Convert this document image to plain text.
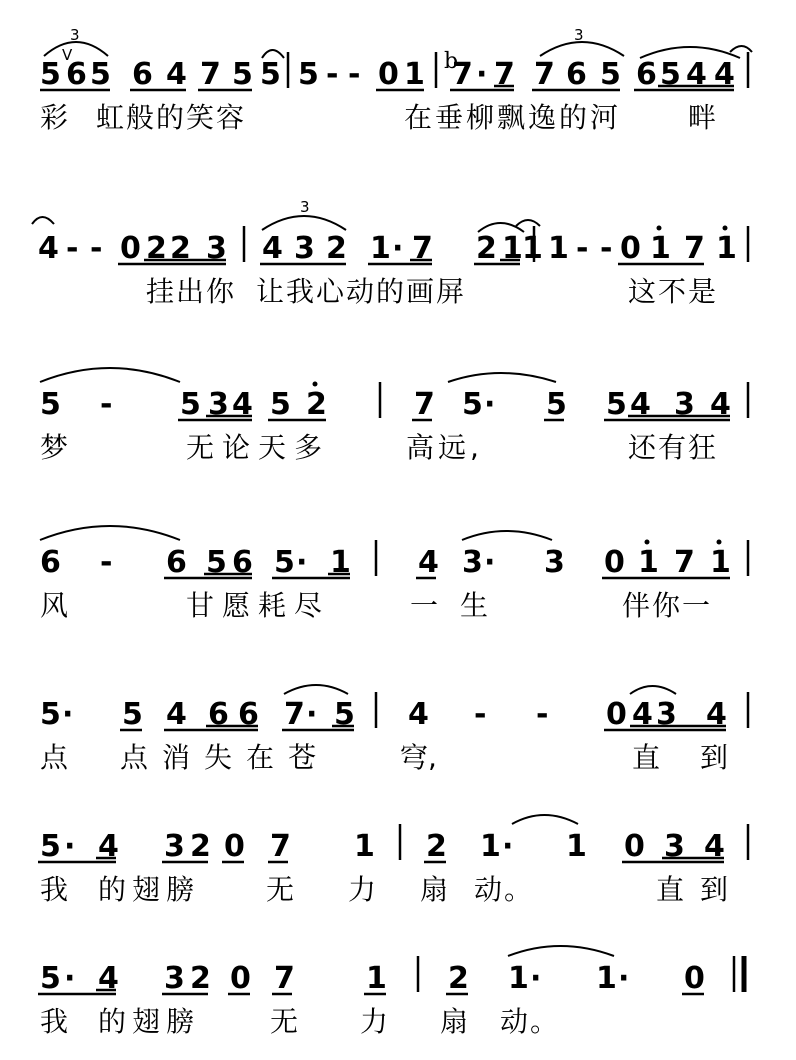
3	3
V	b
5 6 5 6 4 7 5 5 5 - - 0 1 7 · 7 7 6 5 6 5 4 4
彩 虹般的笑容	在垂柳飘逸的河 畔
3
4 - - 0 2 2 3 4 3 2 1 · 7 2 1 1 1 - - 0 1 7 1
挂出你 让我心动的画屏	这不是
5 - 5 3 4 5 2	7 5 · 5 5 4 3 4
梦	无论天多	高远,	还有狂
6 - 6 5 6 5 · 1 4 3 · 3 0 1 7 1
风	甘愿耗尽	一生	伴你一
5 · 5 4 6 6 7 · 5 4 - - 0 4 3 4
点 点消失在苍 穹,	直 到
5 · 4 3 2 0 7 1 2 1 · 1 0 3 4
我 的翅膀 无 力 扇 动。	直 到
5 · 4 3 2 0 7 1 2 1 · 1 · 0
我 的翅膀 无 力 扇 动。
